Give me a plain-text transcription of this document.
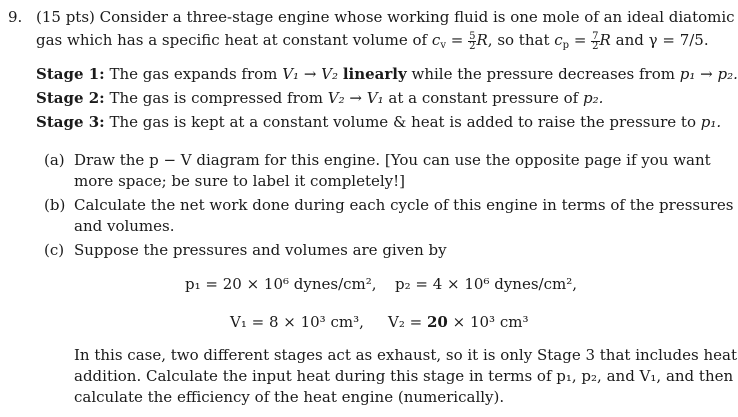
9. (15 pts) Consider a three-stage engine whose working fluid is one mole of an ideal diatomic
gas which has a specific heat at constant volume of $c_v = \frac{5}{2} R$, so that $c_p = \frac{7}{2}$ R and γ = 7/5.
Stage 1: The gas expands from V₁ → V₂ linearly while the pressure decreases from p₁ → p₂.
Stage 2: The gas is compressed from V₂ → V₁ at a constant pressure of p₂.
Stage 3: The gas is kept at a constant volume & heat is added to raise the pressure to p₁.
(a) Draw the p − V diagram for this engine. [You can use the opposite page if you want
more space; be sure to label it completely!]
(b) Calculate the net work done during each cycle of this engine in terms of the pressures
and volumes.
(c) Suppose the pressures and volumes are given by
p₁ = 20 × 10⁶ dynes/cm², p₂ = 4 × 10⁶ dynes/cm²,
V₁ = 8 × 10³ cm³, V₂ = 20 × 10³ cm³
In this case, two different stages act as exhaust, so it is only Stage 3 that includes heat
addition. Calculate the input heat during this stage in terms of p₁, p₂, and V₁, and then
calculate the efficiency of the heat engine (numerically).
